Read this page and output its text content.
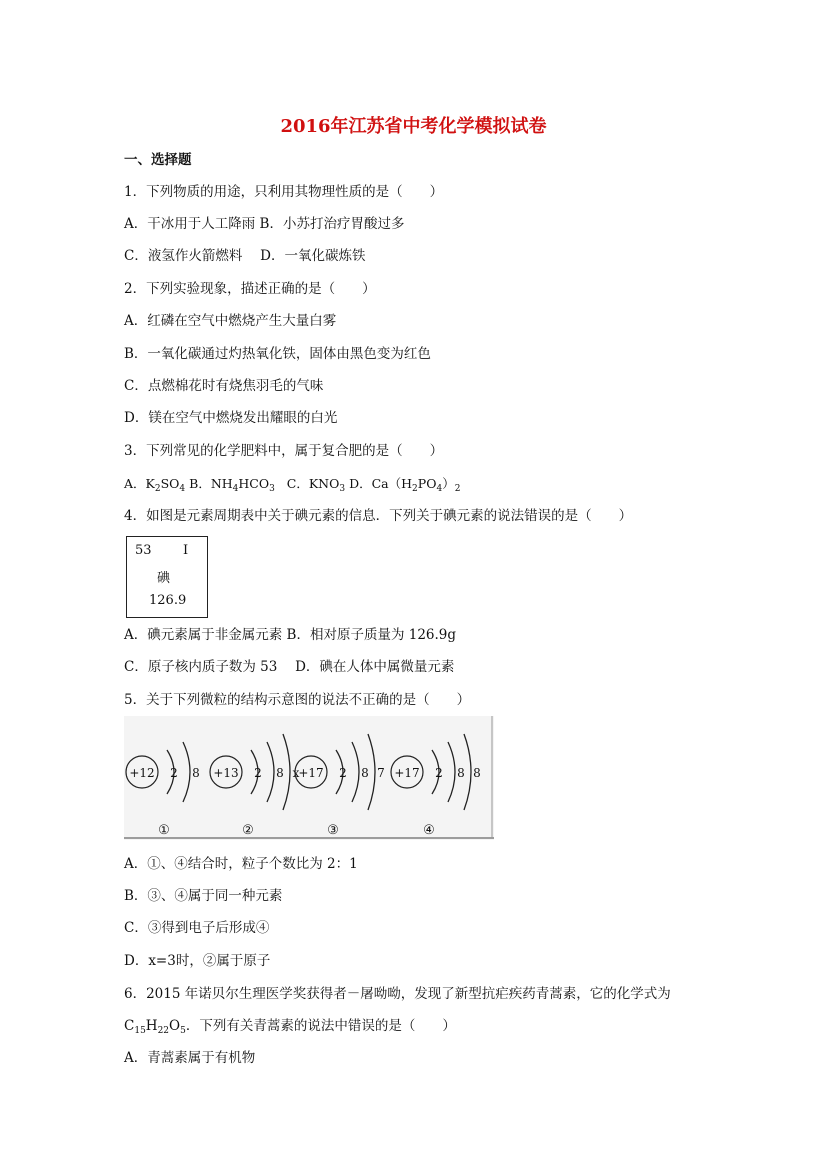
2016年江苏省中考化学模拟试卷
一、选择题
1．下列物质的用途，只利用其物理性质的是（　　）
A．干冰用于人工降雨 B．小苏打治疗胃酸过多
C．液氢作火箭燃料　 D．一氧化碳炼铁
2．下列实验现象，描述正确的是（　　）
A．红磷在空气中燃烧产生大量白雾
B．一氧化碳通过灼热氧化铁，固体由黑色变为红色
C．点燃棉花时有烧焦羽毛的气味
D．镁在空气中燃烧发出耀眼的白光
3．下列常见的化学肥料中，属于复合肥的是（　　）
A．$K_2SO_4$ B．$NH_4HCO_3$ C．$KNO_3$ D．$Ca(H_2PO_4)_2$
4．如图是元素周期表中关于碘元素的信息．下列关于碘元素的说法错误的是（　　）
53 I
碘
126.9
A．碘元素属于非金属元素 B．相对原子质量为 126.9g
C．原子核内质子数为 53　 D．碘在人体中属微量元素
5．关于下列微粒的结构示意图的说法不正确的是（　　）
+12 2 8
①
+13 2 8 x
②
+17 2 8 7
③
+17 2 8 8
④
A．①、④结合时，粒子个数比为 2：1
B．③、④属于同一种元素
C．③得到电子后形成④
D．x=3时，②属于原子
6．2015 年诺贝尔生理医学奖获得者－屠呦呦，发现了新型抗疟疾药青蒿素，它的化学式为
$C_{15}H_{22}O_5$．下列有关青蒿素的说法中错误的是（　　）
A．青蒿素属于有机物
